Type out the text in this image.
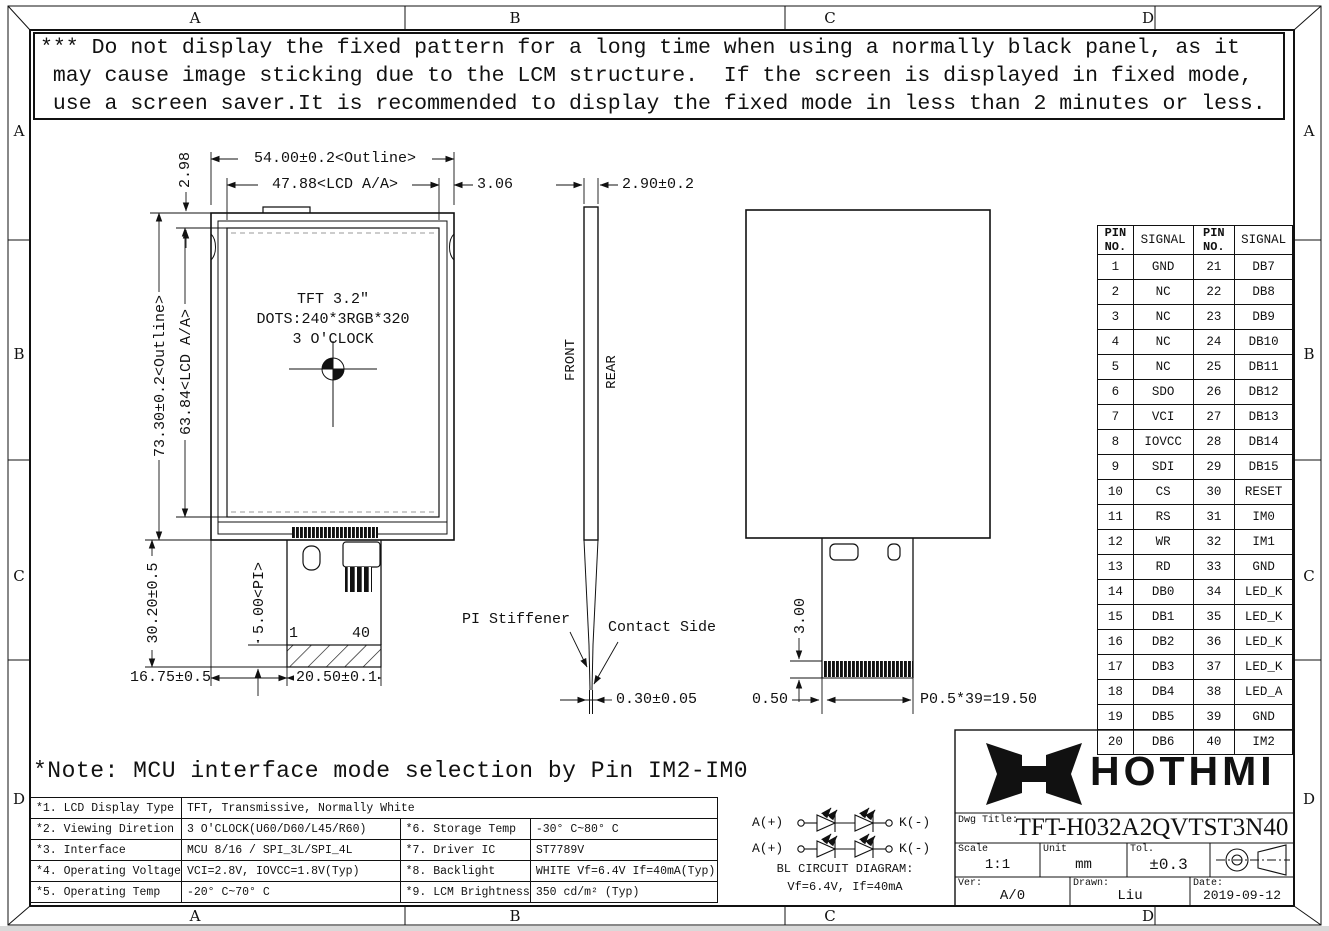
A	B	C	D
A	B	C	D
A
B
C
D
A
B
C
D
*** Do not display the fixed pattern for a long time when using a normally black panel, as it
may cause image sticking due to the LCM structure.  If the screen is displayed in fixed mode,
use a screen saver.It is recommended to display the fixed mode in less than 2 minutes or less.
TFT 3.2″
DOTS:240*3RGB*320
3 O'CLOCK
54.00±0.2<Outline>
47.88<LCD A/A>	3.06
2.98
73.30±0.2<Outline> 63.84<LCD A/A>
30.20±0.5	5.00<PI>
16.75±0.5	20.50±0.1
1	40
FRONT REAR
2.90±0.2
PI Stiffener	Contact Side
0.30±0.05
3.00
0.50	P0.5*39=19.50
PIN NO.	SIGNAL	PIN NO.	SIGNAL
1	GND	21	DB7
2	NC	22	DB8
3	NC	23	DB9
4	NC	24	DB10
5	NC	25	DB11
6	SDO	26	DB12
7	VCI	27	DB13
8	IOVCC	28	DB14
9	SDI	29	DB15
10	CS	30	RESET
11	RS	31	IM0
12	WR	32	IM1
13	RD	33	GND
14	DB0	34	LED_K
15	DB1	35	LED_K
16	DB2	36	LED_K
17	DB3	37	LED_K
18	DB4	38	LED_A
19	DB5	39	GND
20	DB6	40	IM2
*Note: MCU interface mode selection by Pin IM2-IM0
*1. LCD Display Type	TFT, Transmissive, Normally White		
*2. Viewing Diretion	3 O'CLOCK(U60/D60/L45/R60)	*6. Storage Temp	-30° C~80° C
*3. Interface	MCU 8/16 / SPI_3L/SPI_4L	*7. Driver IC	ST7789V
*4. Operating Voltage	VCI=2.8V, IOVCC=1.8V(Typ)	*8. Backlight	WHITE Vf=6.4V If=40mA(Typ)
*5. Operating Temp	-20° C~70° C	*9. LCM Brightness	350 cd/m² (Typ)
A(+)
A(+)
K(-)
K(-)
BL CIRCUIT DIAGRAM:
Vf=6.4V, If=40mA
HOTHMI
Dwg Title:
TFT-H032A2QVTST3N40
Scale
1:1
Unit
mm
Tol.
±0.3
Ver:
A/0
Drawn:
Liu
Date:
2019-09-12
